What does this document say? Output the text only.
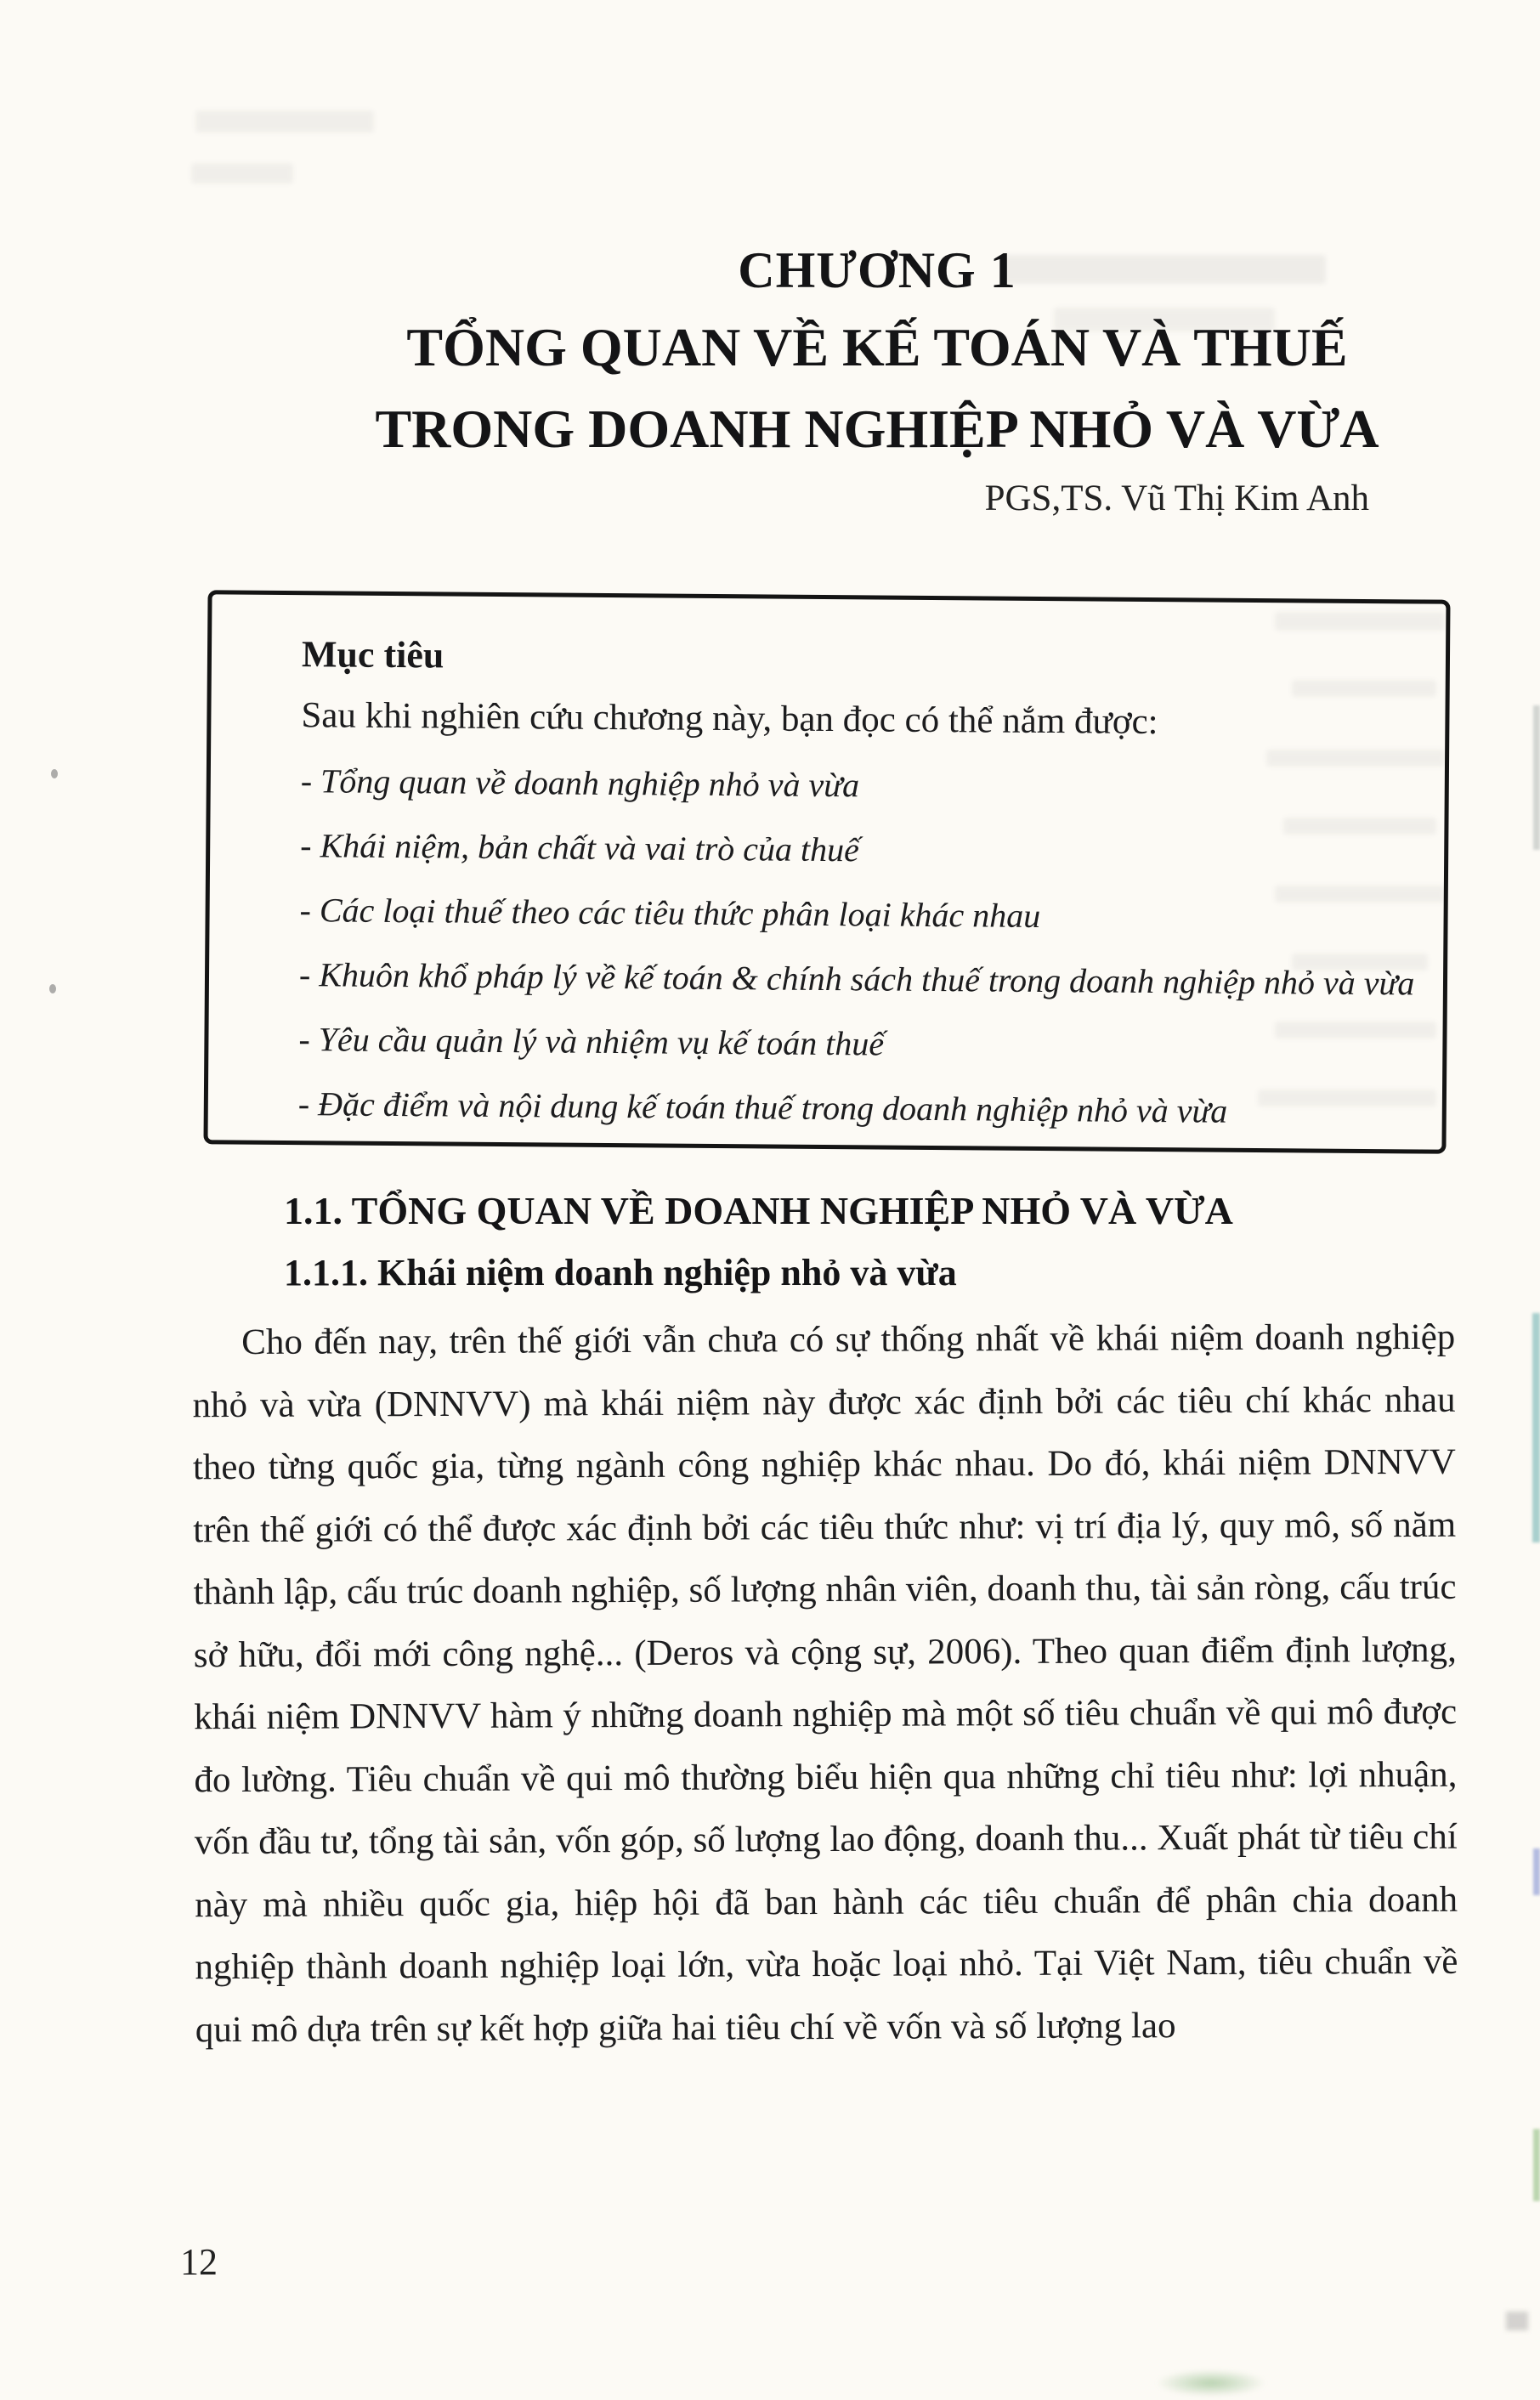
CHƯƠNG 1
TỔNG QUAN VỀ KẾ TOÁN VÀ THUẾ
TRONG DOANH NGHIỆP NHỎ VÀ VỪA
PGS,TS. Vũ Thị Kim Anh
Mục tiêu
Sau khi nghiên cứu chương này, bạn đọc có thể nắm được:
- Tổng quan về doanh nghiệp nhỏ và vừa
- Khái niệm, bản chất và vai trò của thuế
- Các loại thuế theo các tiêu thức phân loại khác nhau
- Khuôn khổ pháp lý về kế toán & chính sách thuế trong doanh nghiệp nhỏ và vừa
- Yêu cầu quản lý và nhiệm vụ kế toán thuế
- Đặc điểm và nội dung kế toán thuế trong doanh nghiệp nhỏ và vừa
1.1. TỔNG QUAN VỀ DOANH NGHIỆP NHỎ VÀ VỪA
1.1.1. Khái niệm doanh nghiệp nhỏ và vừa

Cho đến nay, trên thế giới vẫn chưa có sự thống nhất về khái niệm doanh nghiệp nhỏ và vừa (DNNVV) mà khái niệm này được xác định bởi các tiêu chí khác nhau theo từng quốc gia, từng ngành công nghiệp khác nhau. Do đó, khái niệm DNNVV trên thế giới có thể được xác định bởi các tiêu thức như: vị trí địa lý, quy mô, số năm thành lập, cấu trúc doanh nghiệp, số lượng nhân viên, doanh thu, tài sản ròng, cấu trúc sở hữu, đổi mới công nghệ... (Deros và cộng sự, 2006). Theo quan điểm định lượng, khái niệm DNNVV hàm ý những doanh nghiệp mà một số tiêu chuẩn về qui mô được đo lường. Tiêu chuẩn về qui mô thường biểu hiện qua những chỉ tiêu như: lợi nhuận, vốn đầu tư, tổng tài sản, vốn góp, số lượng lao động, doanh thu... Xuất phát từ tiêu chí này mà nhiều quốc gia, hiệp hội đã ban hành các tiêu chuẩn để phân chia doanh nghiệp thành doanh nghiệp loại lớn, vừa hoặc loại nhỏ. Tại Việt Nam, tiêu chuẩn về qui mô dựa trên sự kết hợp giữa hai tiêu chí về vốn và số lượng lao

12
